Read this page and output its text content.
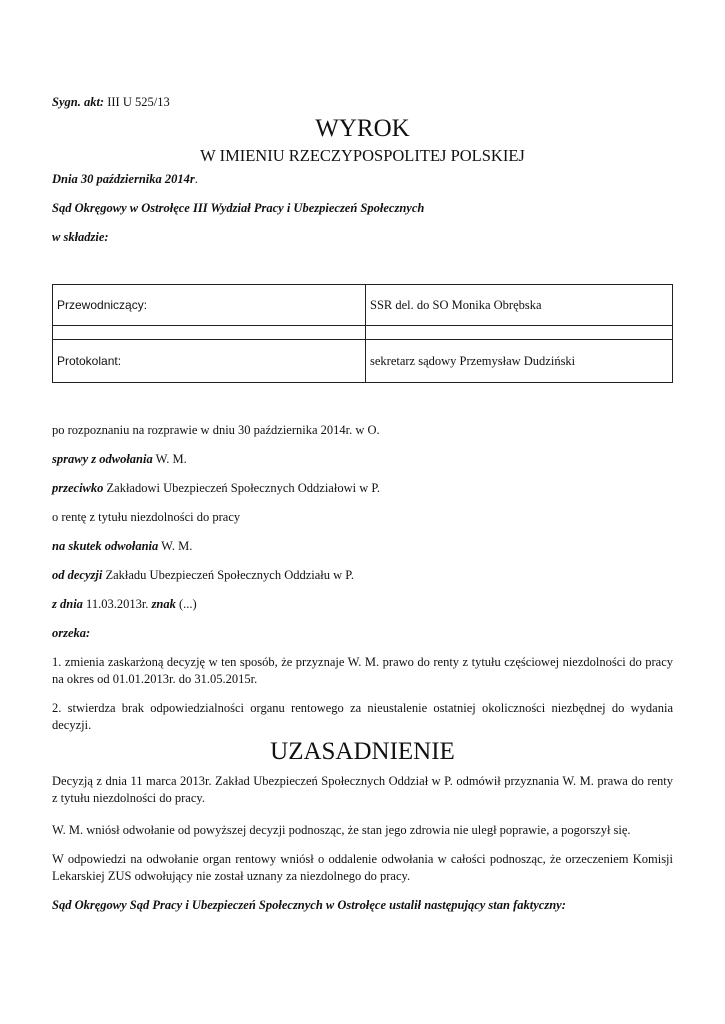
Sygn. akt: III U 525/13
WYROK
W IMIENIU RZECZYPOSPOLITEJ POLSKIEJ
Dnia 30 października 2014r.
Sąd Okręgowy w Ostrołęce III Wydział Pracy i Ubezpieczeń Społecznych
w składzie:
Przewodniczący:	SSR del. do SO Monika Obrębska

Protokolant:	sekretarz sądowy Przemysław Dudziński
po rozpoznaniu na rozprawie w dniu 30 października 2014r. w O.
sprawy z odwołania W. M.
przeciwko Zakładowi Ubezpieczeń Społecznych Oddziałowi w P.
o rentę z tytułu niezdolności do pracy
na skutek odwołania W. M.
od decyzji Zakładu Ubezpieczeń Społecznych Oddziału w P.
z dnia 11.03.2013r. znak (...)
orzeka:
1. zmienia zaskarżoną decyzję w ten sposób, że przyznaje W. M. prawo do renty z tytułu częściowej niezdolności do pracy na okres od 01.01.2013r. do 31.05.2015r.
2. stwierdza brak odpowiedzialności organu rentowego za nieustalenie ostatniej okoliczności niezbędnej do wydania decyzji.
UZASADNIENIE
Decyzją z dnia 11 marca 2013r. Zakład Ubezpieczeń Społecznych Oddział w P. odmówił przyznania W. M. prawa do renty z tytułu niezdolności do pracy.
W. M. wniósł odwołanie od powyższej decyzji podnosząc, że stan jego zdrowia nie uległ poprawie, a pogorszył się.
W odpowiedzi na odwołanie organ rentowy wniósł o oddalenie odwołania w całości podnosząc, że orzeczeniem Komisji Lekarskiej ZUS odwołujący nie został uznany za niezdolnego do pracy.
Sąd Okręgowy Sąd Pracy i Ubezpieczeń Społecznych w Ostrołęce ustalił następujący stan faktyczny:
